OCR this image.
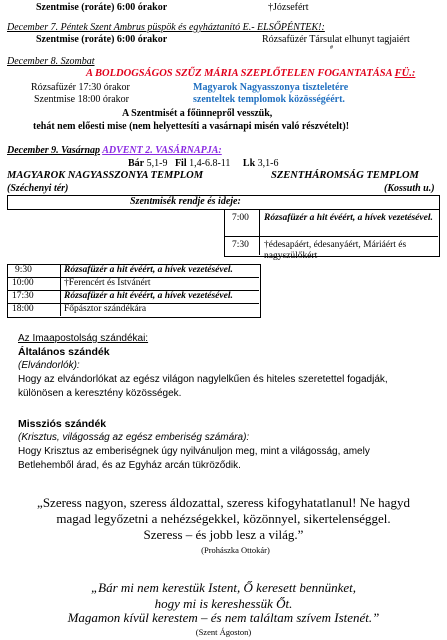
Szentmise (roráte) 6:00 órakor	†Józsefért
December 7. Péntek Szent Ambrus püspök és egyháztanító E.- ELSŐPÉNTEK!:
Szentmise (roráte) 6:00 órakor	Rózsafüzér Társulat elhunyt tagjaiért
#
December 8. Szombat
A BOLDOGSÁGOS SZŰZ MÁRIA SZEPLŐTELEN FOGANTATÁSA FÜ.:
Rózsafüzér 17:30 órakor	Magyarok Nagyasszonya tiszteletére
Szentmise 18:00 órakor	szenteltek templomok közösségéért.
A Szentmisét a főünnepről vesszük,
tehát nem előesti mise (nem helyettesíti a vasárnapi misén való részvételt)!
December 9. Vasárnap ADVENT 2. VASÁRNAPJA:
Bár 5,1-9 Fil 1,4-6.8-11 Lk 3,1-6
MAGYAROK NAGYASSZONYA TEMPLOM
(Széchenyi tér)
SZENTHÁROMSÁG TEMPLOM
(Kossuth u.)
Szentmisék rendje és ideje:
7:00 Rózsafüzér a hit évéért, a hívek vezetésével.
7:30 †édesapáért, édesanyáért, Máriáért és nagyszülőkért
9:30	Rózsafüzér a hit évéért, a hívek vezetésével.
10:00	†Ferencért és Istvánért
17:30	Rózsafüzér a hit évéért, a hívek vezetésével.
18:00	Főpásztor szándékára
Az Imaapostolság szándékai:
Általános szándék
(Elvándorlók):
Hogy az elvándorlókat az egész világon nagylelkűen és hiteles szeretettel fogadják,
különösen a keresztény közösségek.
Missziós szándék
(Krisztus, világosság az egész emberiség számára):
Hogy Krisztus az emberiségnek úgy nyilvánuljon meg, mint a világosság, amely
Betlehemből árad, és az Egyház arcán tükröződik.
„Szeress nagyon, szeress áldozattal, szeress kifogyhatatlanul! Ne hagyd
magad legyőzetni a nehézségekkel, közönnyel, sikertelenséggel.
Szeress – és jobb lesz a világ.”
(Prohászka Ottokár)
„Bár mi nem kerestük Istent, Ő keresett bennünket,
hogy mi is kereshessük Őt.
Magamon kívül kerestem – és nem találtam szívem Istenét.”
(Szent Ágoston)
